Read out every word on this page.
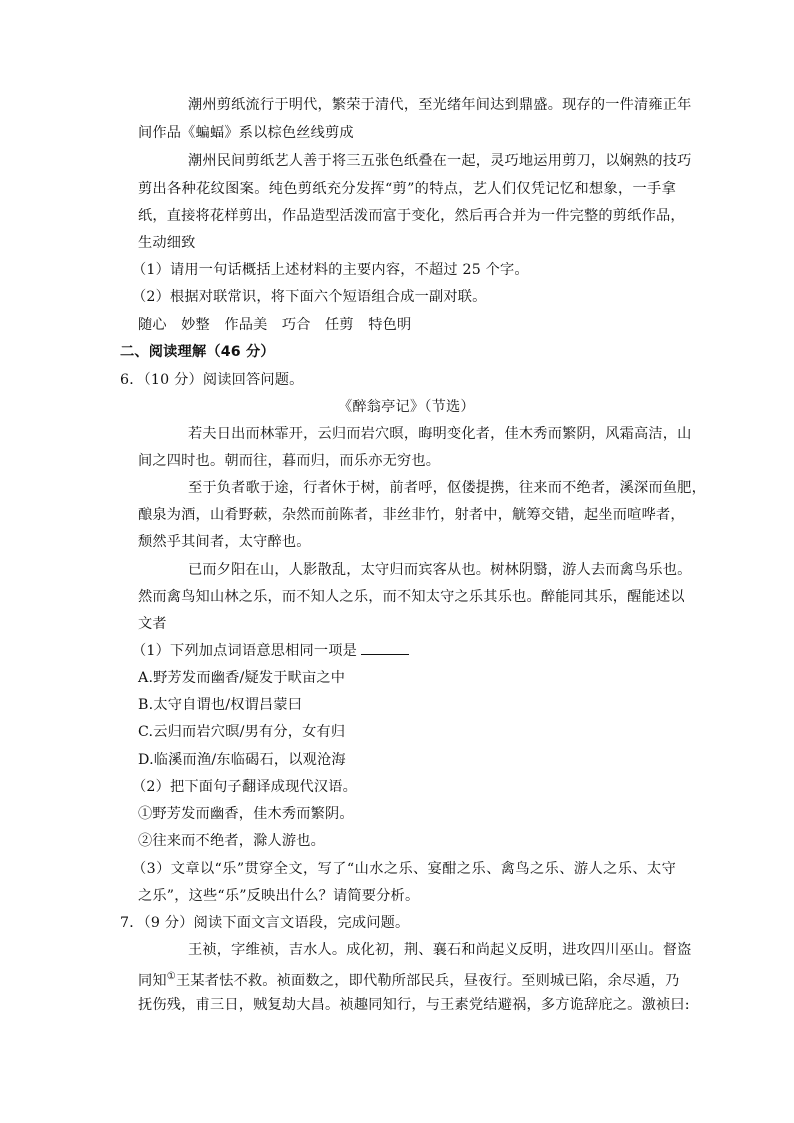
潮州剪纸流行于明代，繁荣于清代，至光绪年间达到鼎盛。现存的一件清雍正年
间作品《蝙蝠》系以棕色丝线剪成
潮州民间剪纸艺人善于将三五张色纸叠在一起，灵巧地运用剪刀，以娴熟的技巧
剪出各种花纹图案。纯色剪纸充分发挥“剪”的特点，艺人们仅凭记忆和想象，一手拿
纸，直接将花样剪出，作品造型活泼而富于变化，然后再合并为一件完整的剪纸作品，
生动细致
（1）请用一句话概括上述材料的主要内容，不超过 25 个字。
（2）根据对联常识，将下面六个短语组合成一副对联。
随心　妙整　作品美　巧合　任剪　特色明
二、阅读理解（46 分）
6．（10 分）阅读回答问题。
《醉翁亭记》（节选）
若夫日出而林霏开，云归而岩穴暝，晦明变化者，佳木秀而繁阴，风霜高洁，山
间之四时也。朝而往，暮而归，而乐亦无穷也。
至于负者歌于途，行者休于树，前者呼，伛偻提携，往来而不绝者，溪深而鱼肥，
酿泉为酒，山肴野蔌，杂然而前陈者，非丝非竹，射者中，觥筹交错，起坐而喧哗者，
颓然乎其间者，太守醉也。
已而夕阳在山，人影散乱，太守归而宾客从也。树林阴翳，游人去而禽鸟乐也。
然而禽鸟知山林之乐，而不知人之乐，而不知太守之乐其乐也。醉能同其乐，醒能述以
文者
（1）下列加点词语意思相同一项是
A.野芳发而幽香/疑发于畎亩之中
B.太守自谓也/权谓吕蒙曰
C.云归而岩穴暝/男有分，女有归
D.临溪而渔/东临碣石，以观沧海
（2）把下面句子翻译成现代汉语。
①野芳发而幽香，佳木秀而繁阴。
②往来而不绝者，滁人游也。
（3）文章以“乐”贯穿全文，写了“山水之乐、宴酣之乐、禽鸟之乐、游人之乐、太守
之乐”，这些“乐”反映出什么？请简要分析。
7．（9 分）阅读下面文言文语段，完成问题。
王祯，字维祯，吉水人。成化初，荆、襄石和尚起义反明，进攻四川巫山。督盗
同知①王某者怯不救。祯面数之，即代勒所部民兵，昼夜行。至则城已陷，余尽遁，乃
抚伤残，甫三日，贼复劫大昌。祯趣同知行，与王素党结避祸，多方诡辞庇之。激祯曰:
